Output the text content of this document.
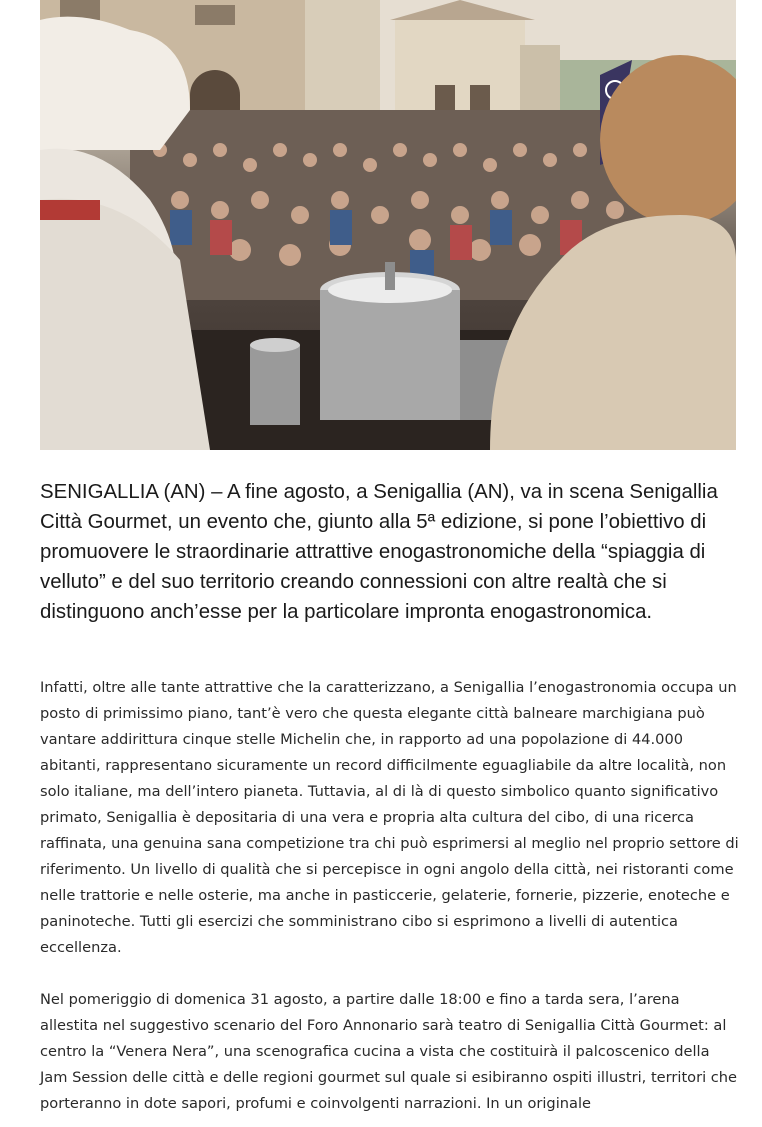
SENIGALLIA (AN) – A fine agosto, a Senigallia (AN), va in scena Senigallia Città Gourmet, un evento che, giunto alla 5ª edizione, si pone l’obiettivo di promuovere le straordinarie attrattive enogastronomiche della “spiaggia di velluto” e del suo territorio creando connessioni con altre realtà che si distinguono anch’esse per la particolare impronta enogastronomica.

Infatti, oltre alle tante attrattive che la caratterizzano, a Senigallia l’enogastronomia occupa un posto di primissimo piano, tant’è vero che questa elegante città balneare marchigiana può vantare addirittura cinque stelle Michelin che, in rapporto ad una popolazione di 44.000 abitanti, rappresentano sicuramente un record difficilmente eguagliabile da altre località, non solo italiane, ma dell’intero pianeta. Tuttavia, al di là di questo simbolico quanto significativo primato, Senigallia è depositaria di una vera e propria alta cultura del cibo, di una ricerca raffinata, una genuina sana competizione tra chi può esprimersi al meglio nel proprio settore di riferimento. Un livello di qualità che si percepisce in ogni angolo della città, nei ristoranti come nelle trattorie e nelle osterie, ma anche in pasticcerie, gelaterie, fornerie, pizzerie, enoteche e paninoteche. Tutti gli esercizi che somministrano cibo si esprimono a livelli di autentica eccellenza.

Nel pomeriggio di domenica 31 agosto, a partire dalle 18:00 e fino a tarda sera, l’arena allestita nel suggestivo scenario del Foro Annonario sarà teatro di Senigallia Città Gourmet: al centro la “Venera Nera”, una scenografica cucina a vista che costituirà il palcoscenico della Jam Session delle città e delle regioni gourmet sul quale si esibiranno ospiti illustri, territori che porteranno in dote sapori, profumi e coinvolgenti narrazioni. In un originale
